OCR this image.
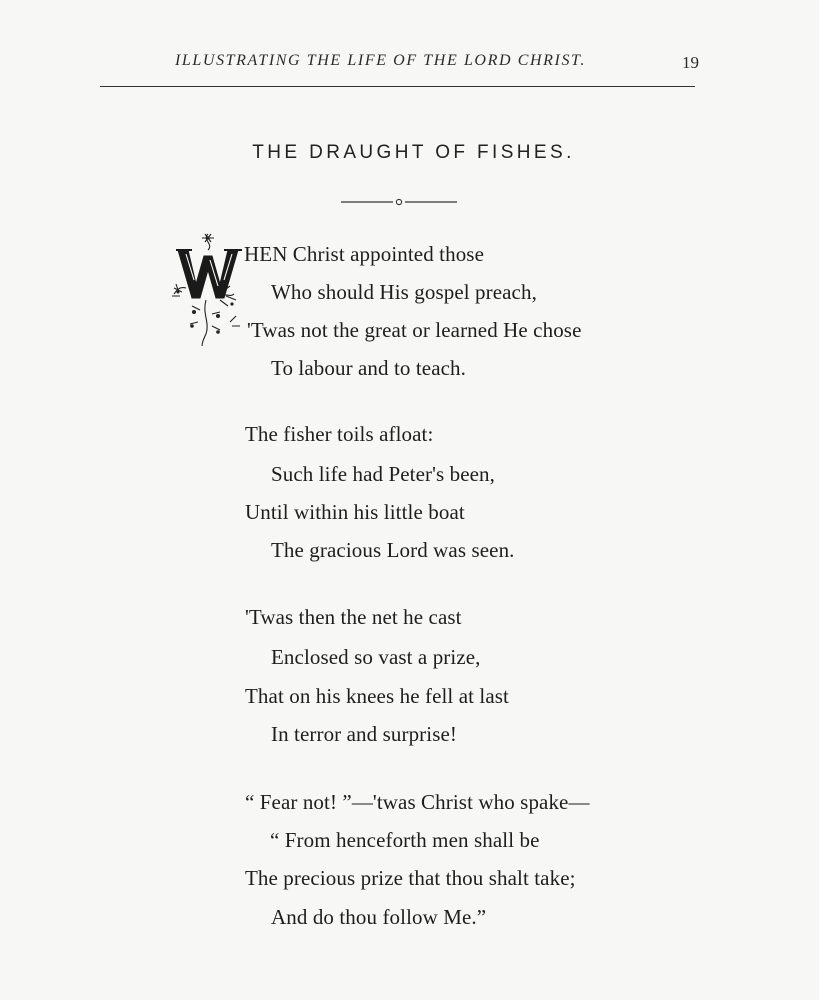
ILLUSTRATING THE LIFE OF THE LORD CHRIST.	19
THE DRAUGHT OF FISHES.
HEN Christ appointed those
Who should His gospel preach,
'Twas not the great or learned He chose
To labour and to teach.
The fisher toils afloat:
Such life had Peter's been,
Until within his little boat
The gracious Lord was seen.
'Twas then the net he cast
Enclosed so vast a prize,
That on his knees he fell at last
In terror and surprise!
“ Fear not! ”—'twas Christ who spake—
“ From henceforth men shall be
The precious prize that thou shalt take;
And do thou follow Me.”
